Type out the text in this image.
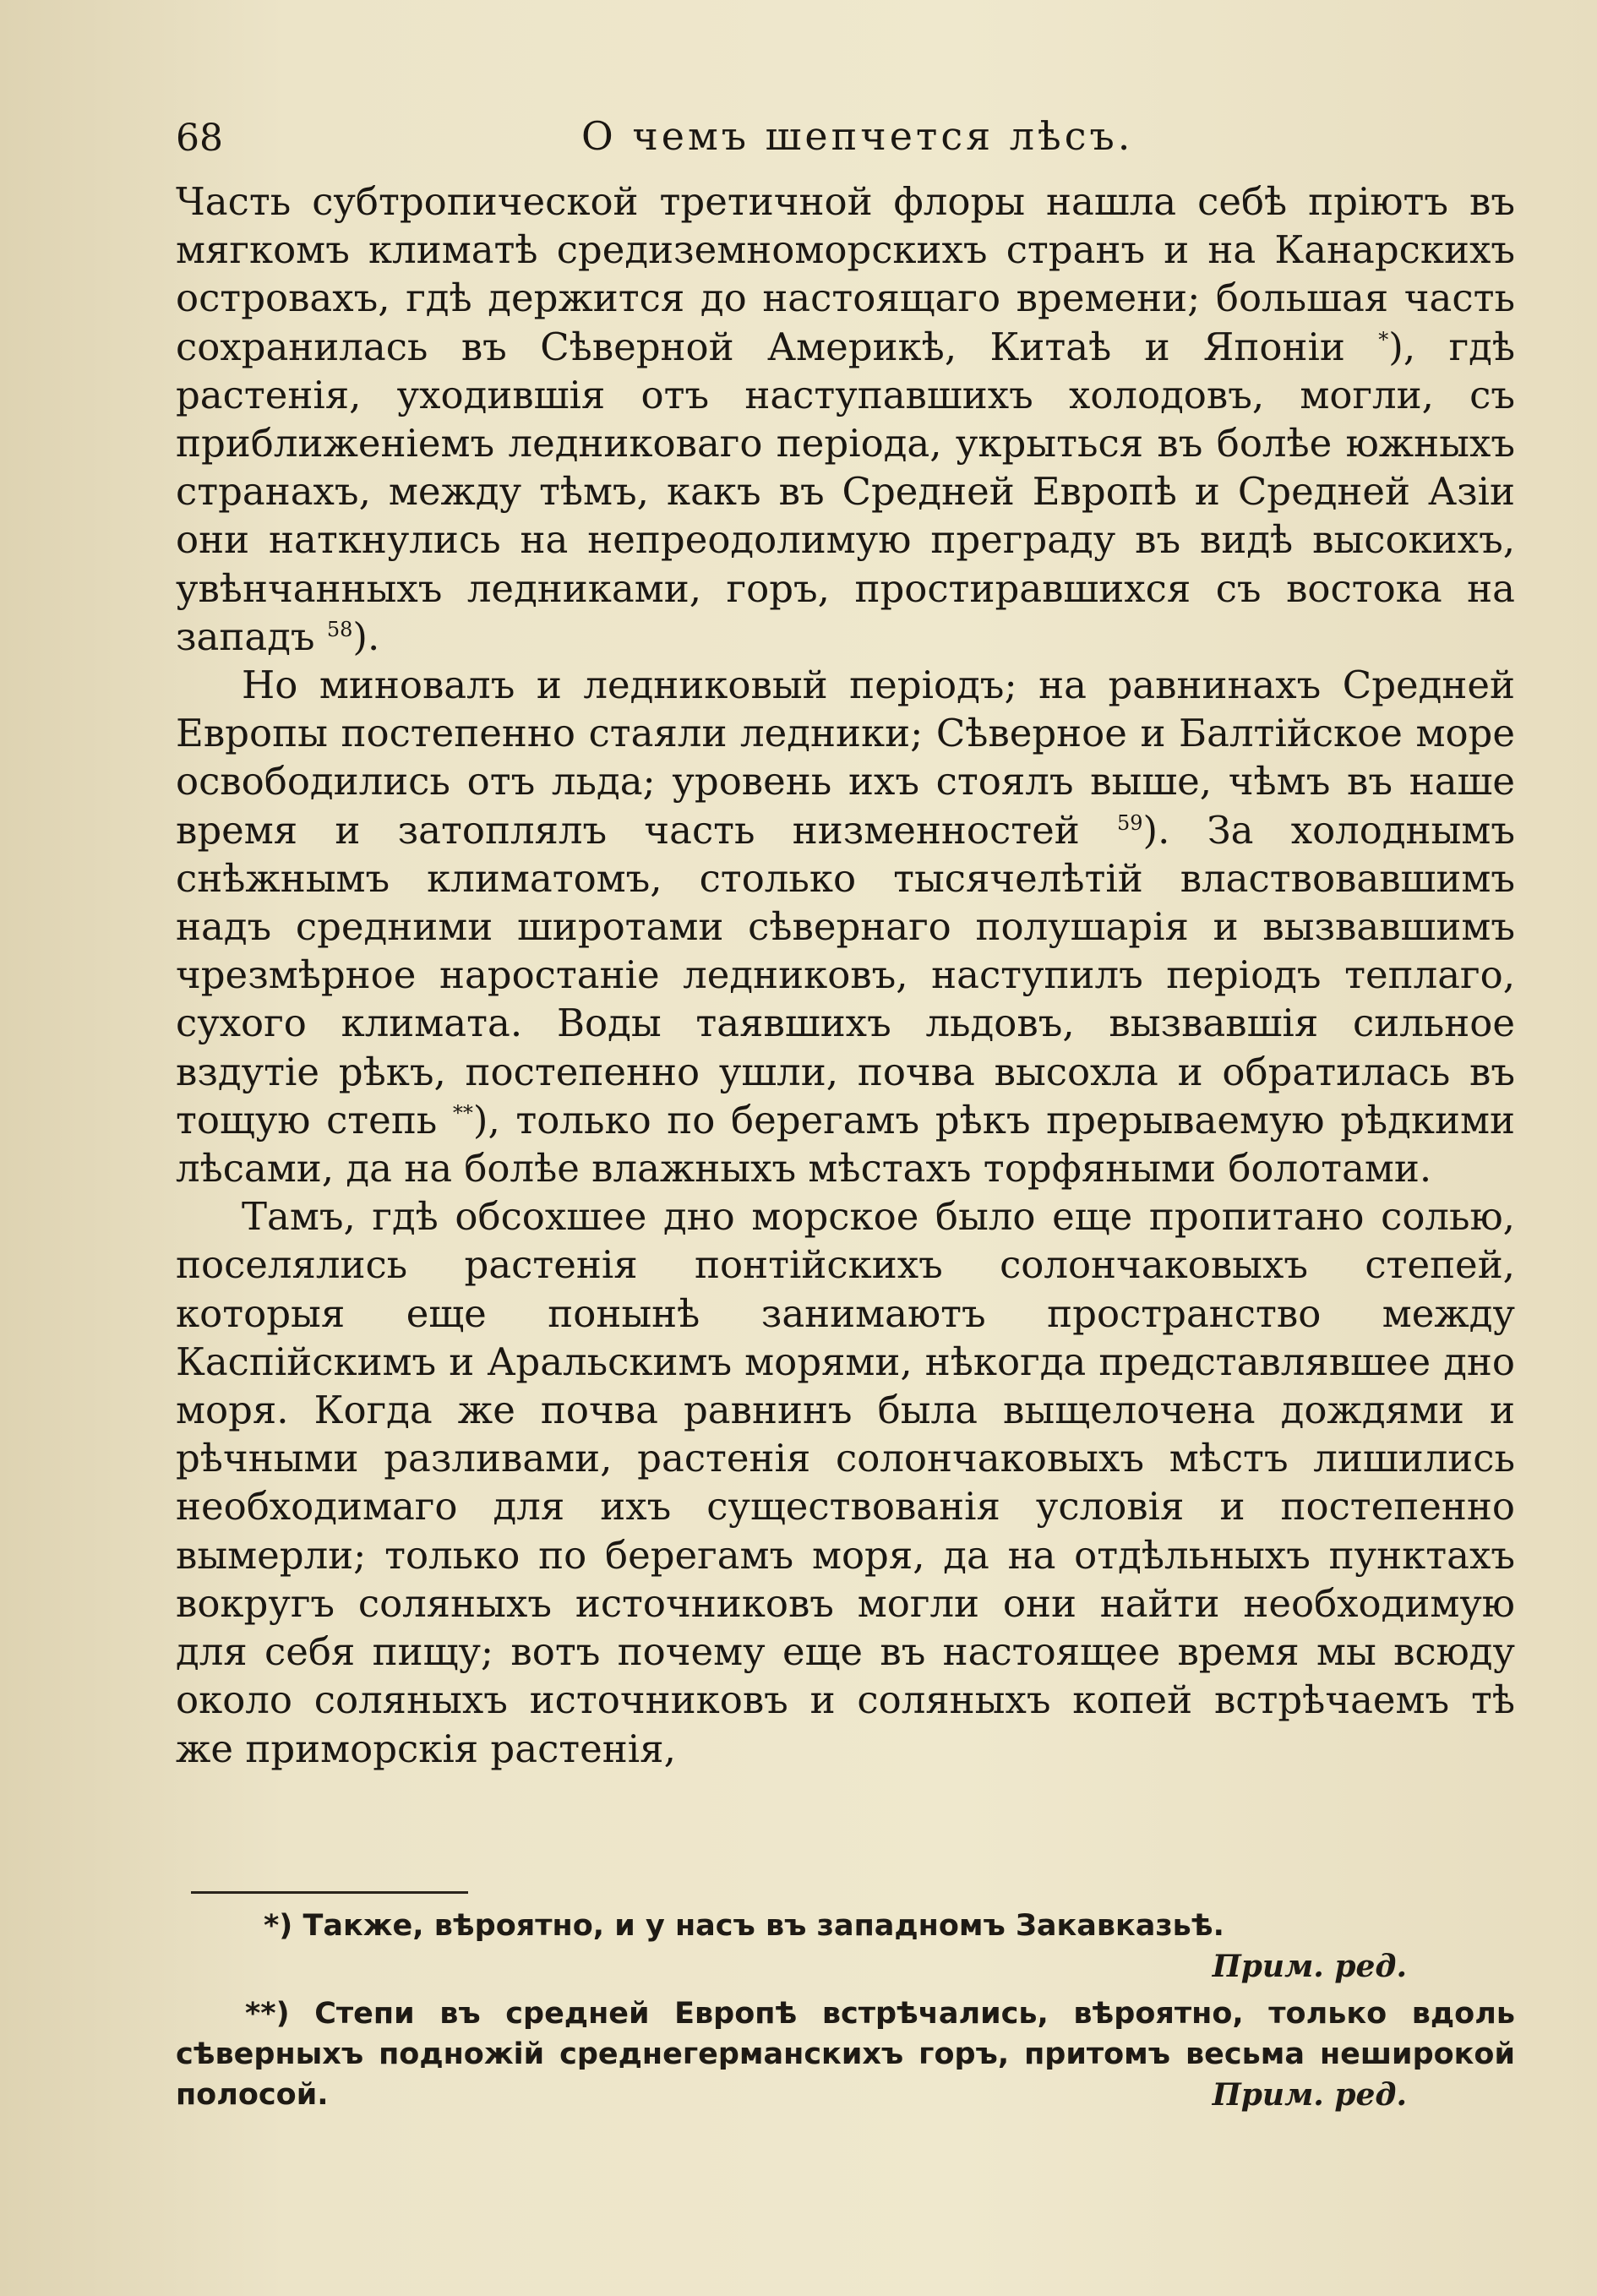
68	О чемъ шепчется лѣсъ.

Часть субтропической третичной флоры нашла себѣ пріютъ въ мягкомъ климатѣ средиземноморскихъ странъ и на Канарскихъ островахъ, гдѣ держится до настоящаго времени; большая часть сохранилась въ Сѣверной Америкѣ, Китаѣ и Японіи *), гдѣ растенія, уходившія отъ наступавшихъ холодовъ, могли, съ приближеніемъ ледниковаго періода, укрыться въ болѣе южныхъ странахъ, между тѣмъ, какъ въ Средней Европѣ и Средней Азіи они наткнулись на непреодолимую преграду въ видѣ высокихъ, увѣнчанныхъ ледниками, горъ, простиравшихся съ востока на западъ $^{58}$).

Но миновалъ и ледниковый періодъ; на равнинахъ Средней Европы постепенно стаяли ледники; Сѣверное и Балтійское море освободились отъ льда; уровень ихъ стоялъ выше, чѣмъ въ наше время и затоплялъ часть низменностей $^{59}$). За холоднымъ снѣжнымъ климатомъ, столько тысячелѣтій властвовавшимъ надъ средними широтами сѣвернаго полушарія и вызвавшимъ чрезмѣрное наростаніе ледниковъ, наступилъ періодъ теплаго, сухого климата. Воды таявшихъ льдовъ, вызвавшія сильное вздутіе рѣкъ, постепенно ушли, почва высохла и обратилась въ тощую степь **), только по берегамъ рѣкъ прерываемую рѣдкими лѣсами, да на болѣе влажныхъ мѣстахъ торфяными болотами.

Тамъ, гдѣ обсохшее дно морское было еще пропитано солью, поселялись растенія понтійскихъ солончаковыхъ степей, которыя еще понынѣ занимаютъ пространство между Каспійскимъ и Аральскимъ морями, нѣкогда представлявшее дно моря. Когда же почва равнинъ была выщелочена дождями и рѣчными разливами, растенія солончаковыхъ мѣстъ лишились необходимаго для ихъ существованія условія и постепенно вымерли; только по берегамъ моря, да на отдѣльныхъ пунктахъ вокругъ соляныхъ источниковъ могли они найти необходимую для себя пищу; вотъ почему еще въ настоящее время мы всюду около соляныхъ источниковъ и соляныхъ копей встрѣчаемъ тѣ же приморскія растенія,

*) Также, вѣроятно, и у насъ въ западномъ Закавказьѣ.
Прим. ред.
**) Степи въ средней Европѣ встрѣчались, вѣроятно, только вдоль сѣверныхъ подножій среднегерманскихъ горъ, притомъ весьма неширокой полосой.	Прим. ред.
